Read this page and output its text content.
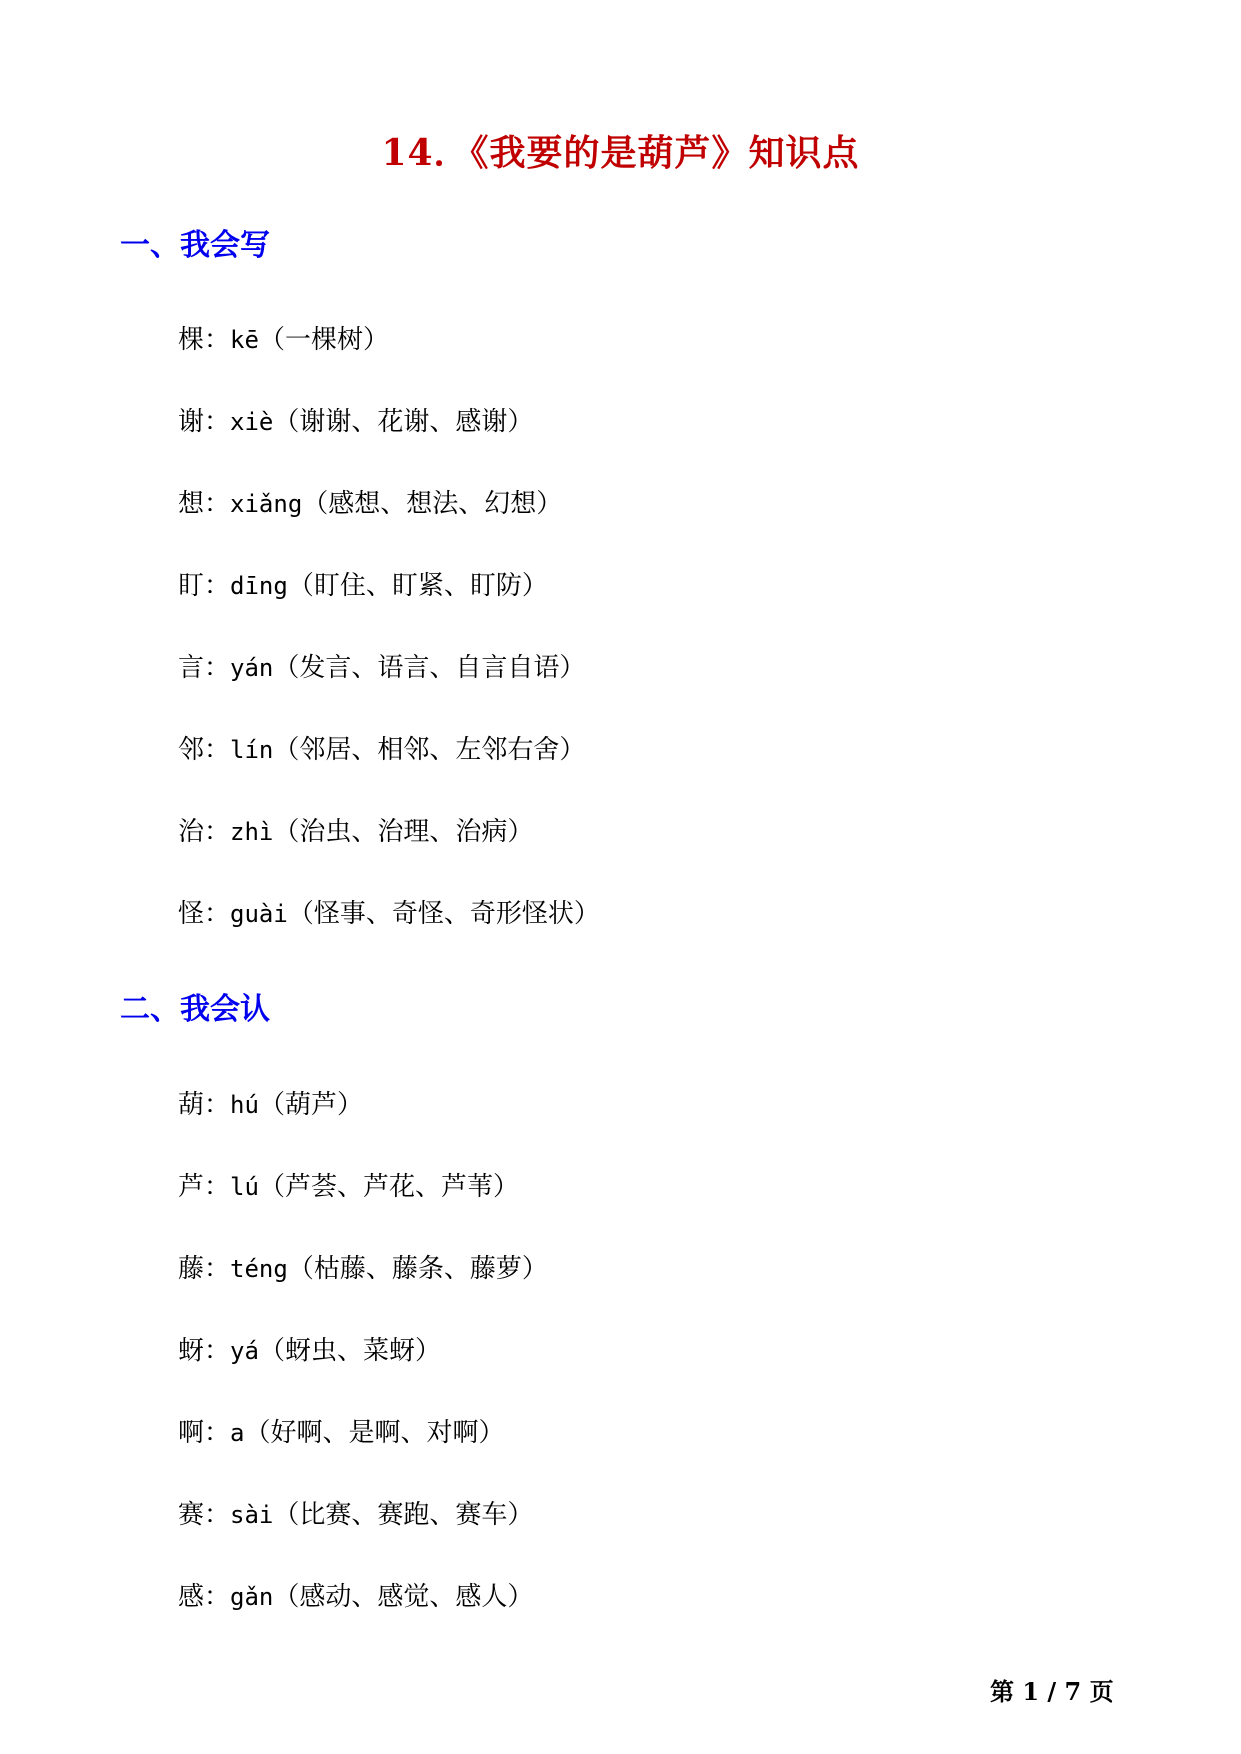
14．《我要的是葫芦》知识点
一、我会写
棵：kē（一棵树）
谢：xiè（谢谢、花谢、感谢）
想：xiǎng（感想、想法、幻想）
盯：dīng（盯住、盯紧、盯防）
言：yán（发言、语言、自言自语）
邻：lín（邻居、相邻、左邻右舍）
治：zhì（治虫、治理、治病）
怪：guài（怪事、奇怪、奇形怪状）
二、我会认
葫：hú（葫芦）
芦：lú（芦荟、芦花、芦苇）
藤：téng（枯藤、藤条、藤萝）
蚜：yá（蚜虫、菜蚜）
啊：a（好啊、是啊、对啊）
赛：sài（比赛、赛跑、赛车）
感：gǎn（感动、感觉、感人）
第 1 / 7 页
